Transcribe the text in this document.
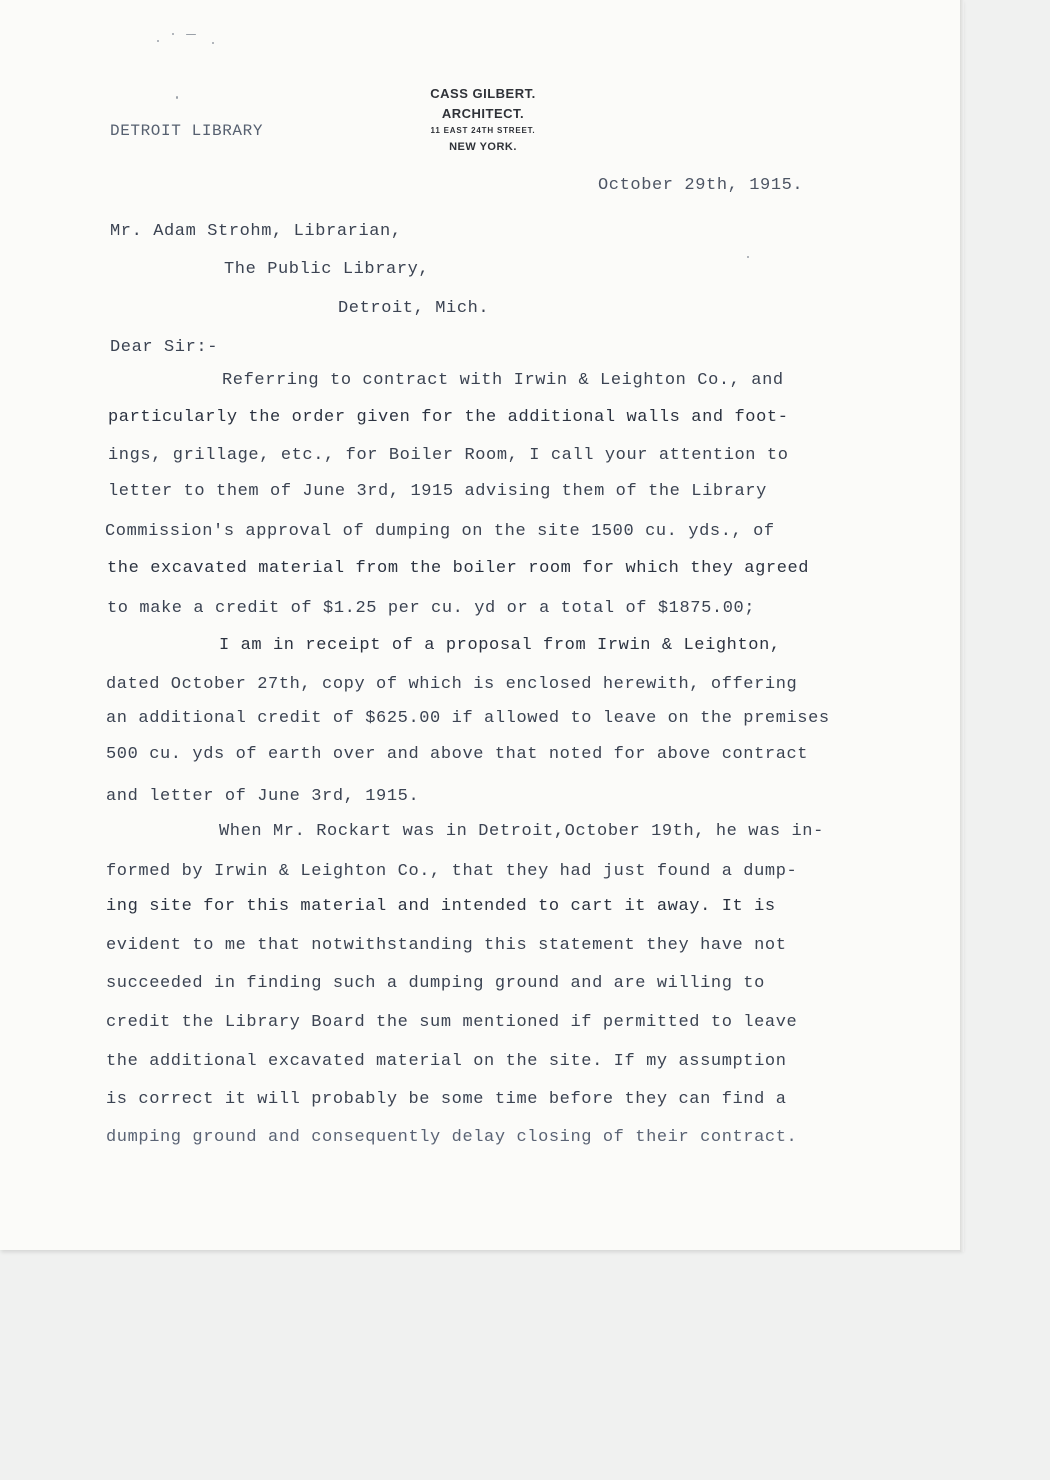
CASS GILBERT.
ARCHITECT.
11 EAST 24TH STREET.
NEW YORK.
DETROIT LIBRARY
October 29th, 1915.
Mr. Adam Strohm, Librarian,
The Public Library,
Detroit, Mich.
Dear Sir:-
Referring to contract with Irwin & Leighton Co., and
particularly the order given for the additional walls and foot-
ings, grillage, etc., for Boiler Room, I call your attention to
letter to them of June 3rd, 1915 advising them of the Library
Commission's approval of dumping on the site 1500 cu. yds., of
the excavated material from the boiler room for which they agreed
to make a credit of $1.25 per cu. yd or a total of $1875.00;
I am in receipt of a proposal from Irwin & Leighton,
dated October 27th, copy of which is enclosed herewith, offering
an additional credit of $625.00 if allowed to leave on the premises
500 cu. yds of earth over and above that noted for above contract
and letter of June 3rd, 1915.
When Mr. Rockart was in Detroit,October 19th, he was in-
formed by Irwin & Leighton Co., that they had just found a dump-
ing site for this material and intended to cart it away. It is
evident to me that notwithstanding this statement they have not
succeeded in finding such a dumping ground and are willing to
credit the Library Board the sum mentioned if permitted to leave
the additional excavated material on the site. If my assumption
is correct it will probably be some time before they can find a
dumping ground and consequently delay closing of their contract.
